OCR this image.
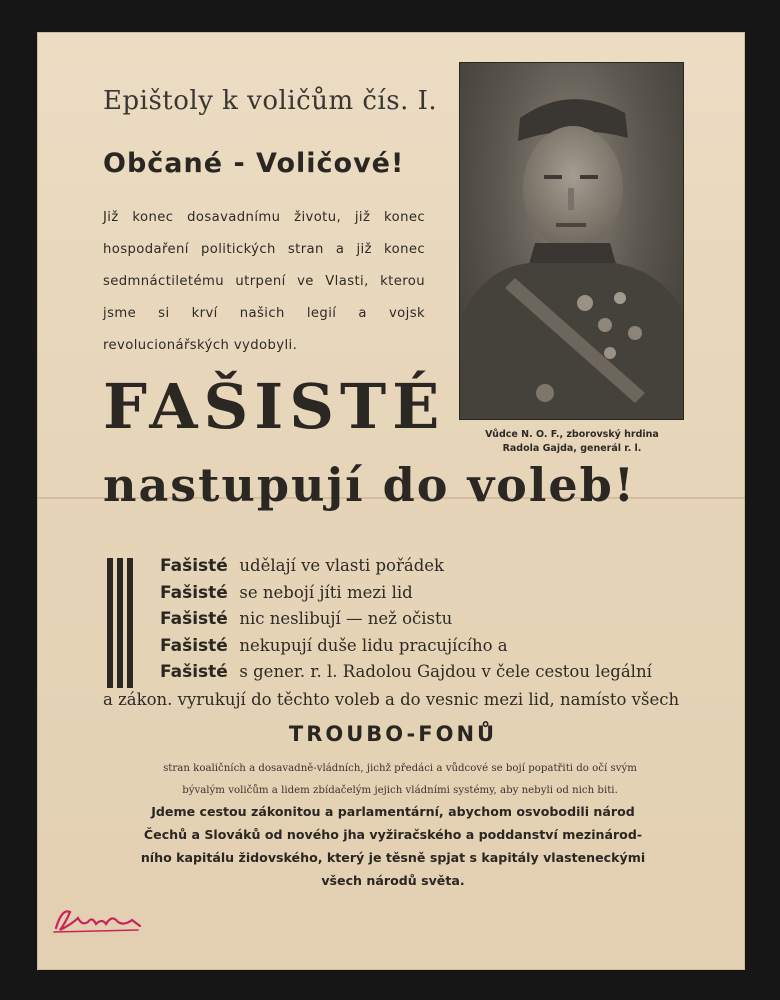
Epištoly k voličům čís. I.
Občané - Voličové!
Již konec dosavadnímu životu, již konec hospodaření politických stran a již konec sedmnáctiletému utrpení ve Vlasti, kterou jsme si krví našich legií a vojsk revolucionářských vydobyli.
FAŠISTÉ
nastupují do voleb!
Vůdce N. O. F., zborovský hrdina
Radola Gajda, generál r. l.
Fašisté udělají ve vlasti pořádek
Fašisté se nebojí jíti mezi lid
Fašisté nic neslibují — než očistu
Fašisté nekupují duše lidu pracujícího a
Fašisté s gener. r. l. Radolou Gajdou v čele cestou legální
a zákon. vyrukují do těchto voleb a do vesnic mezi lid, namísto všech
TROUBO-FONŮ
stran koaličních a dosavadně-vládních, jichž předáci a vůdcové se bojí popatřiti do očí svým
bývalým voličům a lidem zbídačelým jejich vládními systémy, aby nebyli od nich biti.
Jdeme cestou zákonitou a parlamentární, abychom osvobodili národ
Čechů a Slováků od nového jha vyžiračského a poddanství mezinárod-
ního kapitálu židovského, který je těsně spjat s kapitály vlasteneckými
všech národů světa.
